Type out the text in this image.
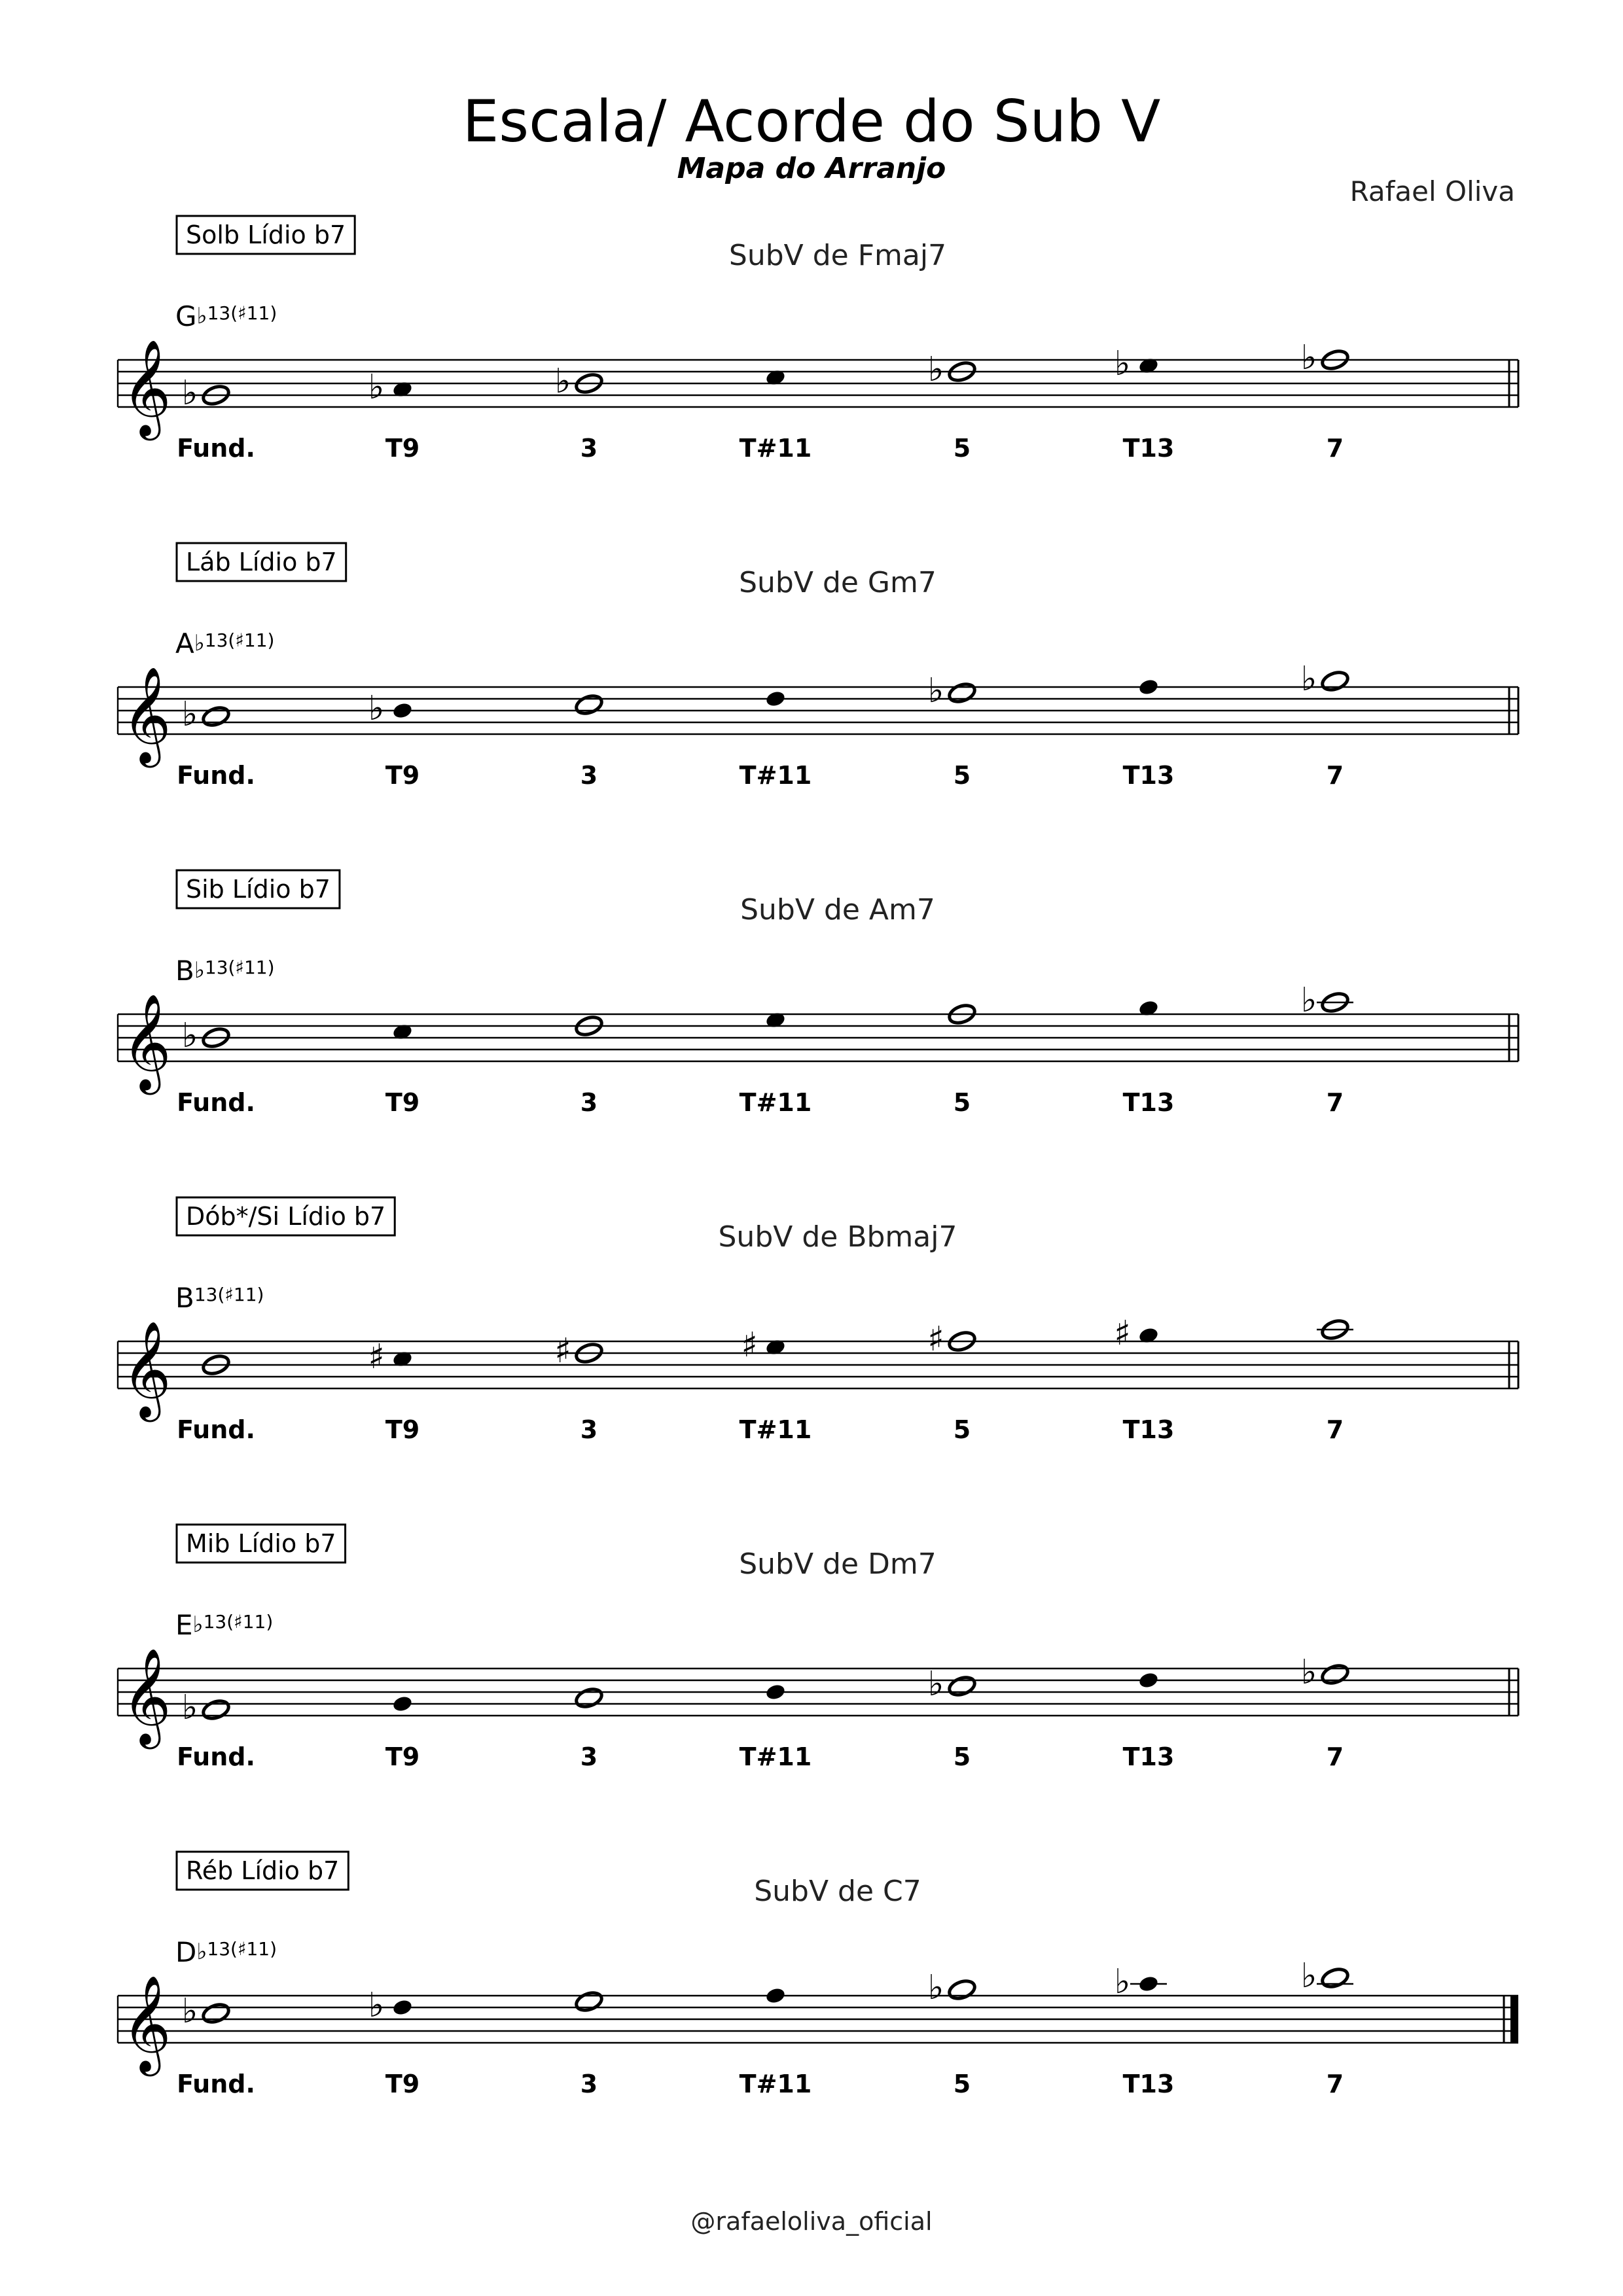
Escala/ Acorde do Sub V
Mapa do Arranjo
Rafael Oliva
Solb Lídio b7
SubV de Fmaj7
G♭13(♯11)
𝄞 ♭
Fund.
♭
T9
♭
3	T#11
♭
5
♭
T13
♭
7
Láb Lídio b7
SubV de Gm7
A♭13(♯11)
𝄞 ♭
Fund.
♭
T9	3	T#11
♭
5	T13
♭
7
Sib Lídio b7
SubV de Am7
B♭13(♯11)
𝄞 ♭
Fund.	T9	3	T#11	5	T13
♭
7
Dób*/Si Lídio b7
SubV de Bbmaj7
$B^{13(♯11)}$
𝄞
Fund.
♯
T9
♯
3
♯
T#11
♯
5
♯
T13	7
Mib Lídio b7
SubV de Dm7
E♭13(♯11)
𝄞 ♭
Fund.	T9	3	T#11
♭
5	T13
♭
7
Réb Lídio b7
SubV de C7
D♭13(♯11)
𝄞 ♭
Fund.
♭
T9	3	T#11
♭
5
♭
T13
♭
7
@rafaeloliva_oficial
